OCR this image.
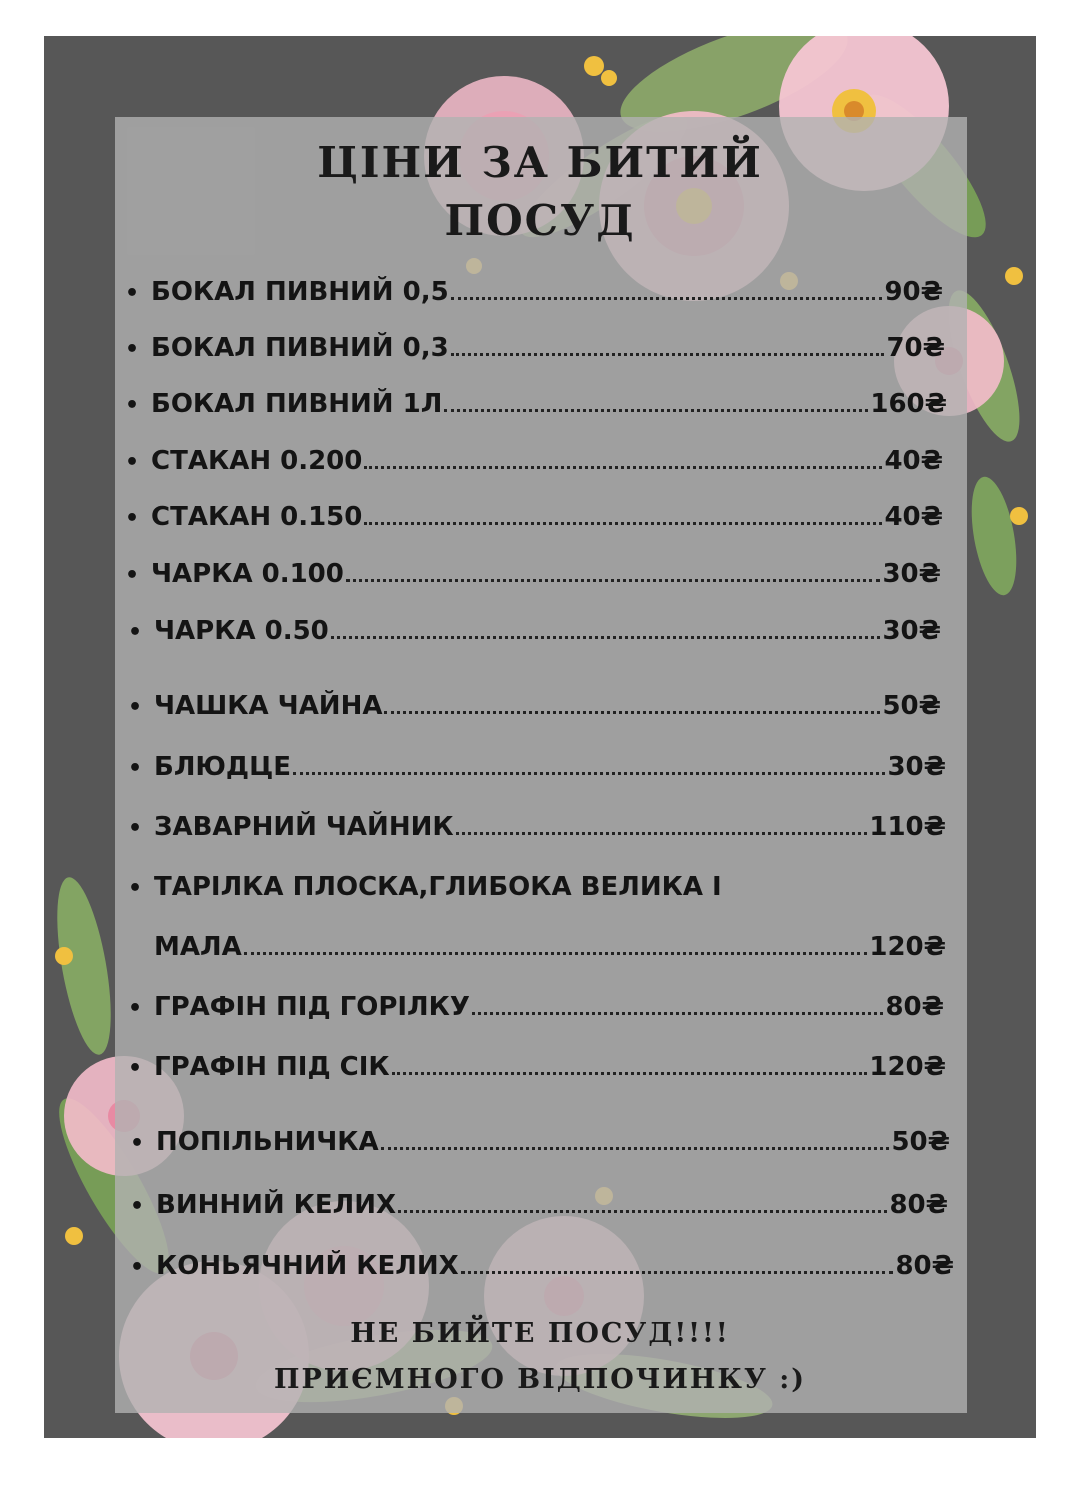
ЦІНИ ЗА БИТИЙ
ПОСУД
• БОКАЛ ПИВНИЙ 0,5	90₴
• БОКАЛ ПИВНИЙ 0,3	70₴
• БОКАЛ ПИВНИЙ 1Л	160₴
• СТАКАН 0.200	40₴
• СТАКАН 0.150	40₴
• ЧАРКА 0.100	30₴
• ЧАРКА 0.50	30₴
• ЧАШКА ЧАЙНА	50₴
• БЛЮДЦЕ	30₴
• ЗАВАРНИЙ ЧАЙНИК	110₴
• ТАРІЛКА ПЛОСКА,ГЛИБОКА ВЕЛИКА І
МАЛА	120₴
• ГРАФІН ПІД ГОРІЛКУ	80₴
• ГРАФІН ПІД СІК	120₴
• ПОПІЛЬНИЧКА	50₴
• ВИННИЙ КЕЛИХ	80₴
• КОНЬЯЧНИЙ КЕЛИХ	80₴

НЕ БИЙТЕ ПОСУД!!!!

ПРИЄМНОГО ВІДПОЧИНКУ :)
